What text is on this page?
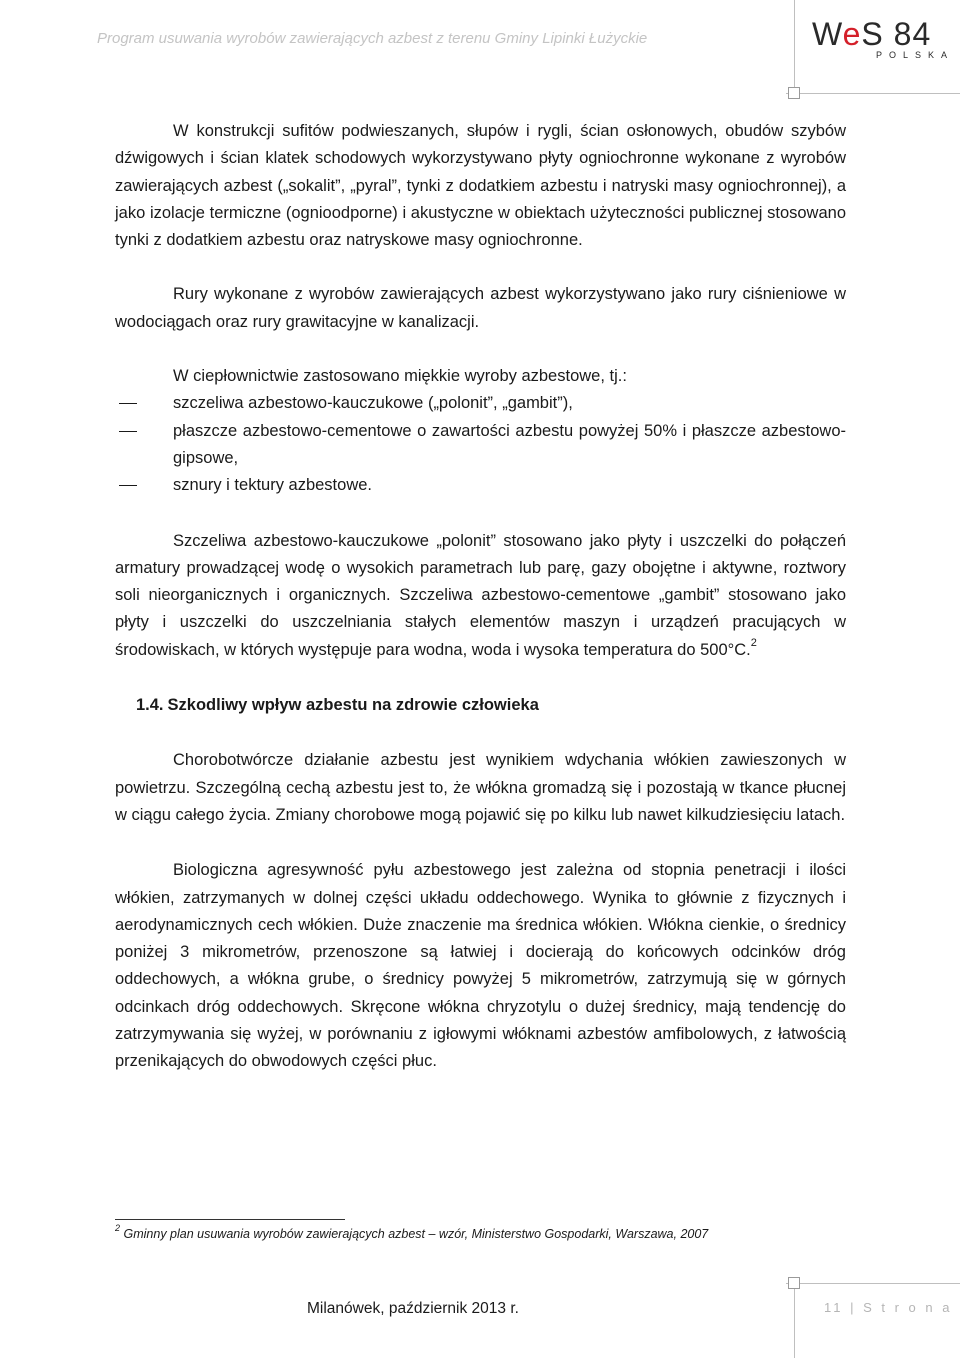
Program usuwania wyrobów zawierających azbest z terenu Gminy Lipinki Łużyckie	WeS 84
POLSKA

W konstrukcji sufitów podwieszanych, słupów i rygli, ścian osłonowych, obudów szybów dźwigowych i ścian klatek schodowych wykorzystywano płyty ogniochronne wykonane z wyrobów zawierających azbest („sokalit”, „pyral”, tynki z dodatkiem azbestu i natryski masy ogniochronnej), a jako izolacje termiczne (ognioodporne) i akustyczne w obiektach użyteczności publicznej stosowano tynki z dodatkiem azbestu oraz natryskowe masy ogniochronne.

Rury wykonane z wyrobów zawierających azbest wykorzystywano jako rury ciśnieniowe w wodociągach oraz rury grawitacyjne w kanalizacji.

W ciepłownictwie zastosowano miękkie wyroby azbestowe, tj.:

szczeliwa azbestowo-kauczukowe („polonit”, „gambit”),
płaszcze azbestowo-cementowe o zawartości azbestu powyżej 50% i płaszcze azbestowo-gipsowe,
sznury i tektury azbestowe.

Szczeliwa azbestowo-kauczukowe „polonit” stosowano jako płyty i uszczelki do połączeń armatury prowadzącej wodę o wysokich parametrach lub parę, gazy obojętne i aktywne, roztwory soli nieorganicznych i organicznych. Szczeliwa azbestowo-cementowe „gambit” stosowano jako płyty i uszczelki do uszczelniania stałych elementów maszyn i urządzeń pracujących w środowiskach, w których występuje para wodna, woda i wysoka temperatura do 500°C.$^2$

1.4. Szkodliwy wpływ azbestu na zdrowie człowieka

Chorobotwórcze działanie azbestu jest wynikiem wdychania włókien zawieszonych w powietrzu. Szczególną cechą azbestu jest to, że włókna gromadzą się i pozostają w tkance płucnej w ciągu całego życia. Zmiany chorobowe mogą pojawić się po kilku lub nawet kilkudziesięciu latach.

Biologiczna agresywność pyłu azbestowego jest zależna od stopnia penetracji i ilości włókien, zatrzymanych w dolnej części układu oddechowego. Wynika to głównie z fizycznych i aerodynamicznych cech włókien. Duże znaczenie ma średnica włókien. Włókna cienkie, o średnicy poniżej 3 mikrometrów, przenoszone są łatwiej i docierają do końcowych odcinków dróg oddechowych, a włókna grube, o średnicy powyżej 5 mikrometrów, zatrzymują się w górnych odcinkach dróg oddechowych. Skręcone włókna chryzotylu o dużej średnicy, mają tendencję do zatrzymywania się wyżej, w porównaniu z igłowymi włóknami azbestów amfibolowych, z łatwością przenikających do obwodowych części płuc.

$^2$ Gminny plan usuwania wyrobów zawierających azbest – wzór, Ministerstwo Gospodarki, Warszawa, 2007
Milanówek, październik 2013 r.	11 | S t r o n a
